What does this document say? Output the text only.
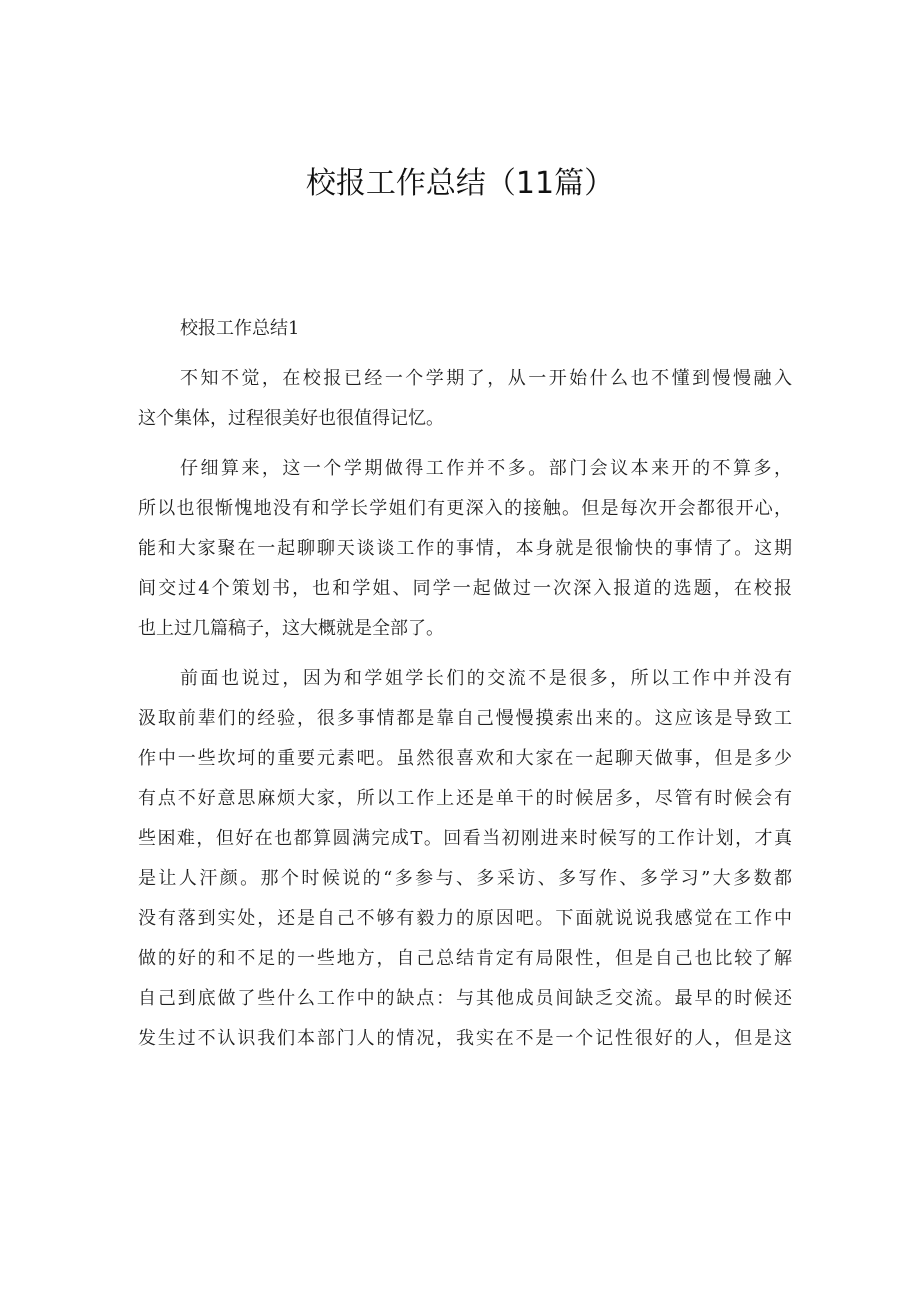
校报工作总结（11篇）

校报工作总结1

不知不觉，在校报已经一个学期了，从一开始什么也不懂到慢慢融入
这个集体，过程很美好也很值得记忆。
仔细算来，这一个学期做得工作并不多。部门会议本来开的不算多，
所以也很惭愧地没有和学长学姐们有更深入的接触。但是每次开会都很开心，
能和大家聚在一起聊聊天谈谈工作的事情，本身就是很愉快的事情了。这期
间交过4个策划书，也和学姐、同学一起做过一次深入报道的选题，在校报
也上过几篇稿子，这大概就是全部了。
前面也说过，因为和学姐学长们的交流不是很多，所以工作中并没有
汲取前辈们的经验，很多事情都是靠自己慢慢摸索出来的。这应该是导致工
作中一些坎坷的重要元素吧。虽然很喜欢和大家在一起聊天做事，但是多少
有点不好意思麻烦大家，所以工作上还是单干的时候居多，尽管有时候会有
些困难，但好在也都算圆满完成T。回看当初刚进来时候写的工作计划，才真
是让人汗颜。那个时候说的“多参与、多采访、多写作、多学习”大多数都
没有落到实处，还是自己不够有毅力的原因吧。下面就说说我感觉在工作中
做的好的和不足的一些地方，自己总结肯定有局限性，但是自己也比较了解
自己到底做了些什么工作中的缺点：与其他成员间缺乏交流。最早的时候还
发生过不认识我们本部门人的情况，我实在不是一个记性很好的人，但是这
